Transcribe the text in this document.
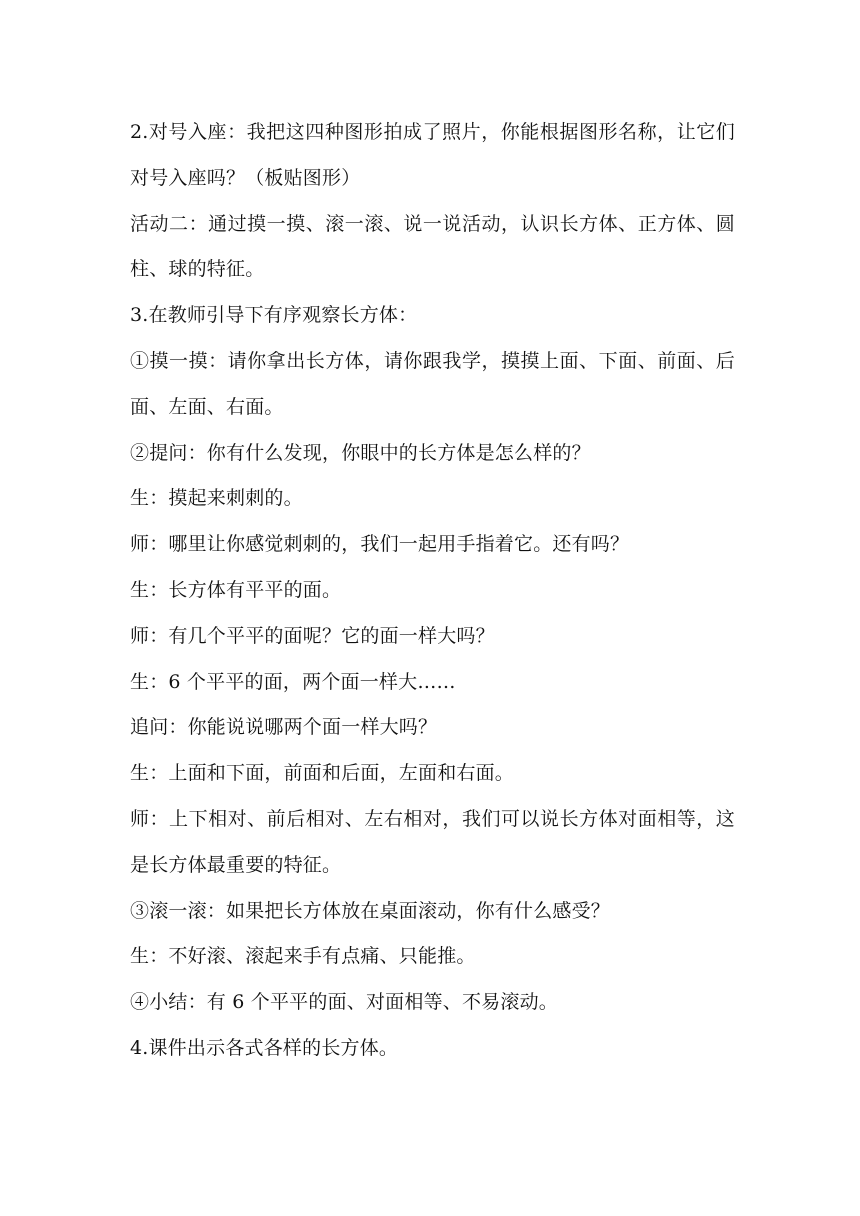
2.对号入座：我把这四种图形拍成了照片，你能根据图形名称，让它们对号入座吗？（板贴图形）

活动二：通过摸一摸、滚一滚、说一说活动，认识长方体、正方体、圆柱、球的特征。

3.在教师引导下有序观察长方体：

①摸一摸：请你拿出长方体，请你跟我学，摸摸上面、下面、前面、后面、左面、右面。

②提问：你有什么发现，你眼中的长方体是怎么样的？

生：摸起来刺刺的。

师：哪里让你感觉刺刺的，我们一起用手指着它。还有吗？

生：长方体有平平的面。

师：有几个平平的面呢？它的面一样大吗？

生：6 个平平的面，两个面一样大……

追问：你能说说哪两个面一样大吗？

生：上面和下面，前面和后面，左面和右面。

师：上下相对、前后相对、左右相对，我们可以说长方体对面相等，这是长方体最重要的特征。

③滚一滚：如果把长方体放在桌面滚动，你有什么感受？

生：不好滚、滚起来手有点痛、只能推。

④小结：有 6 个平平的面、对面相等、不易滚动。

4.课件出示各式各样的长方体。
